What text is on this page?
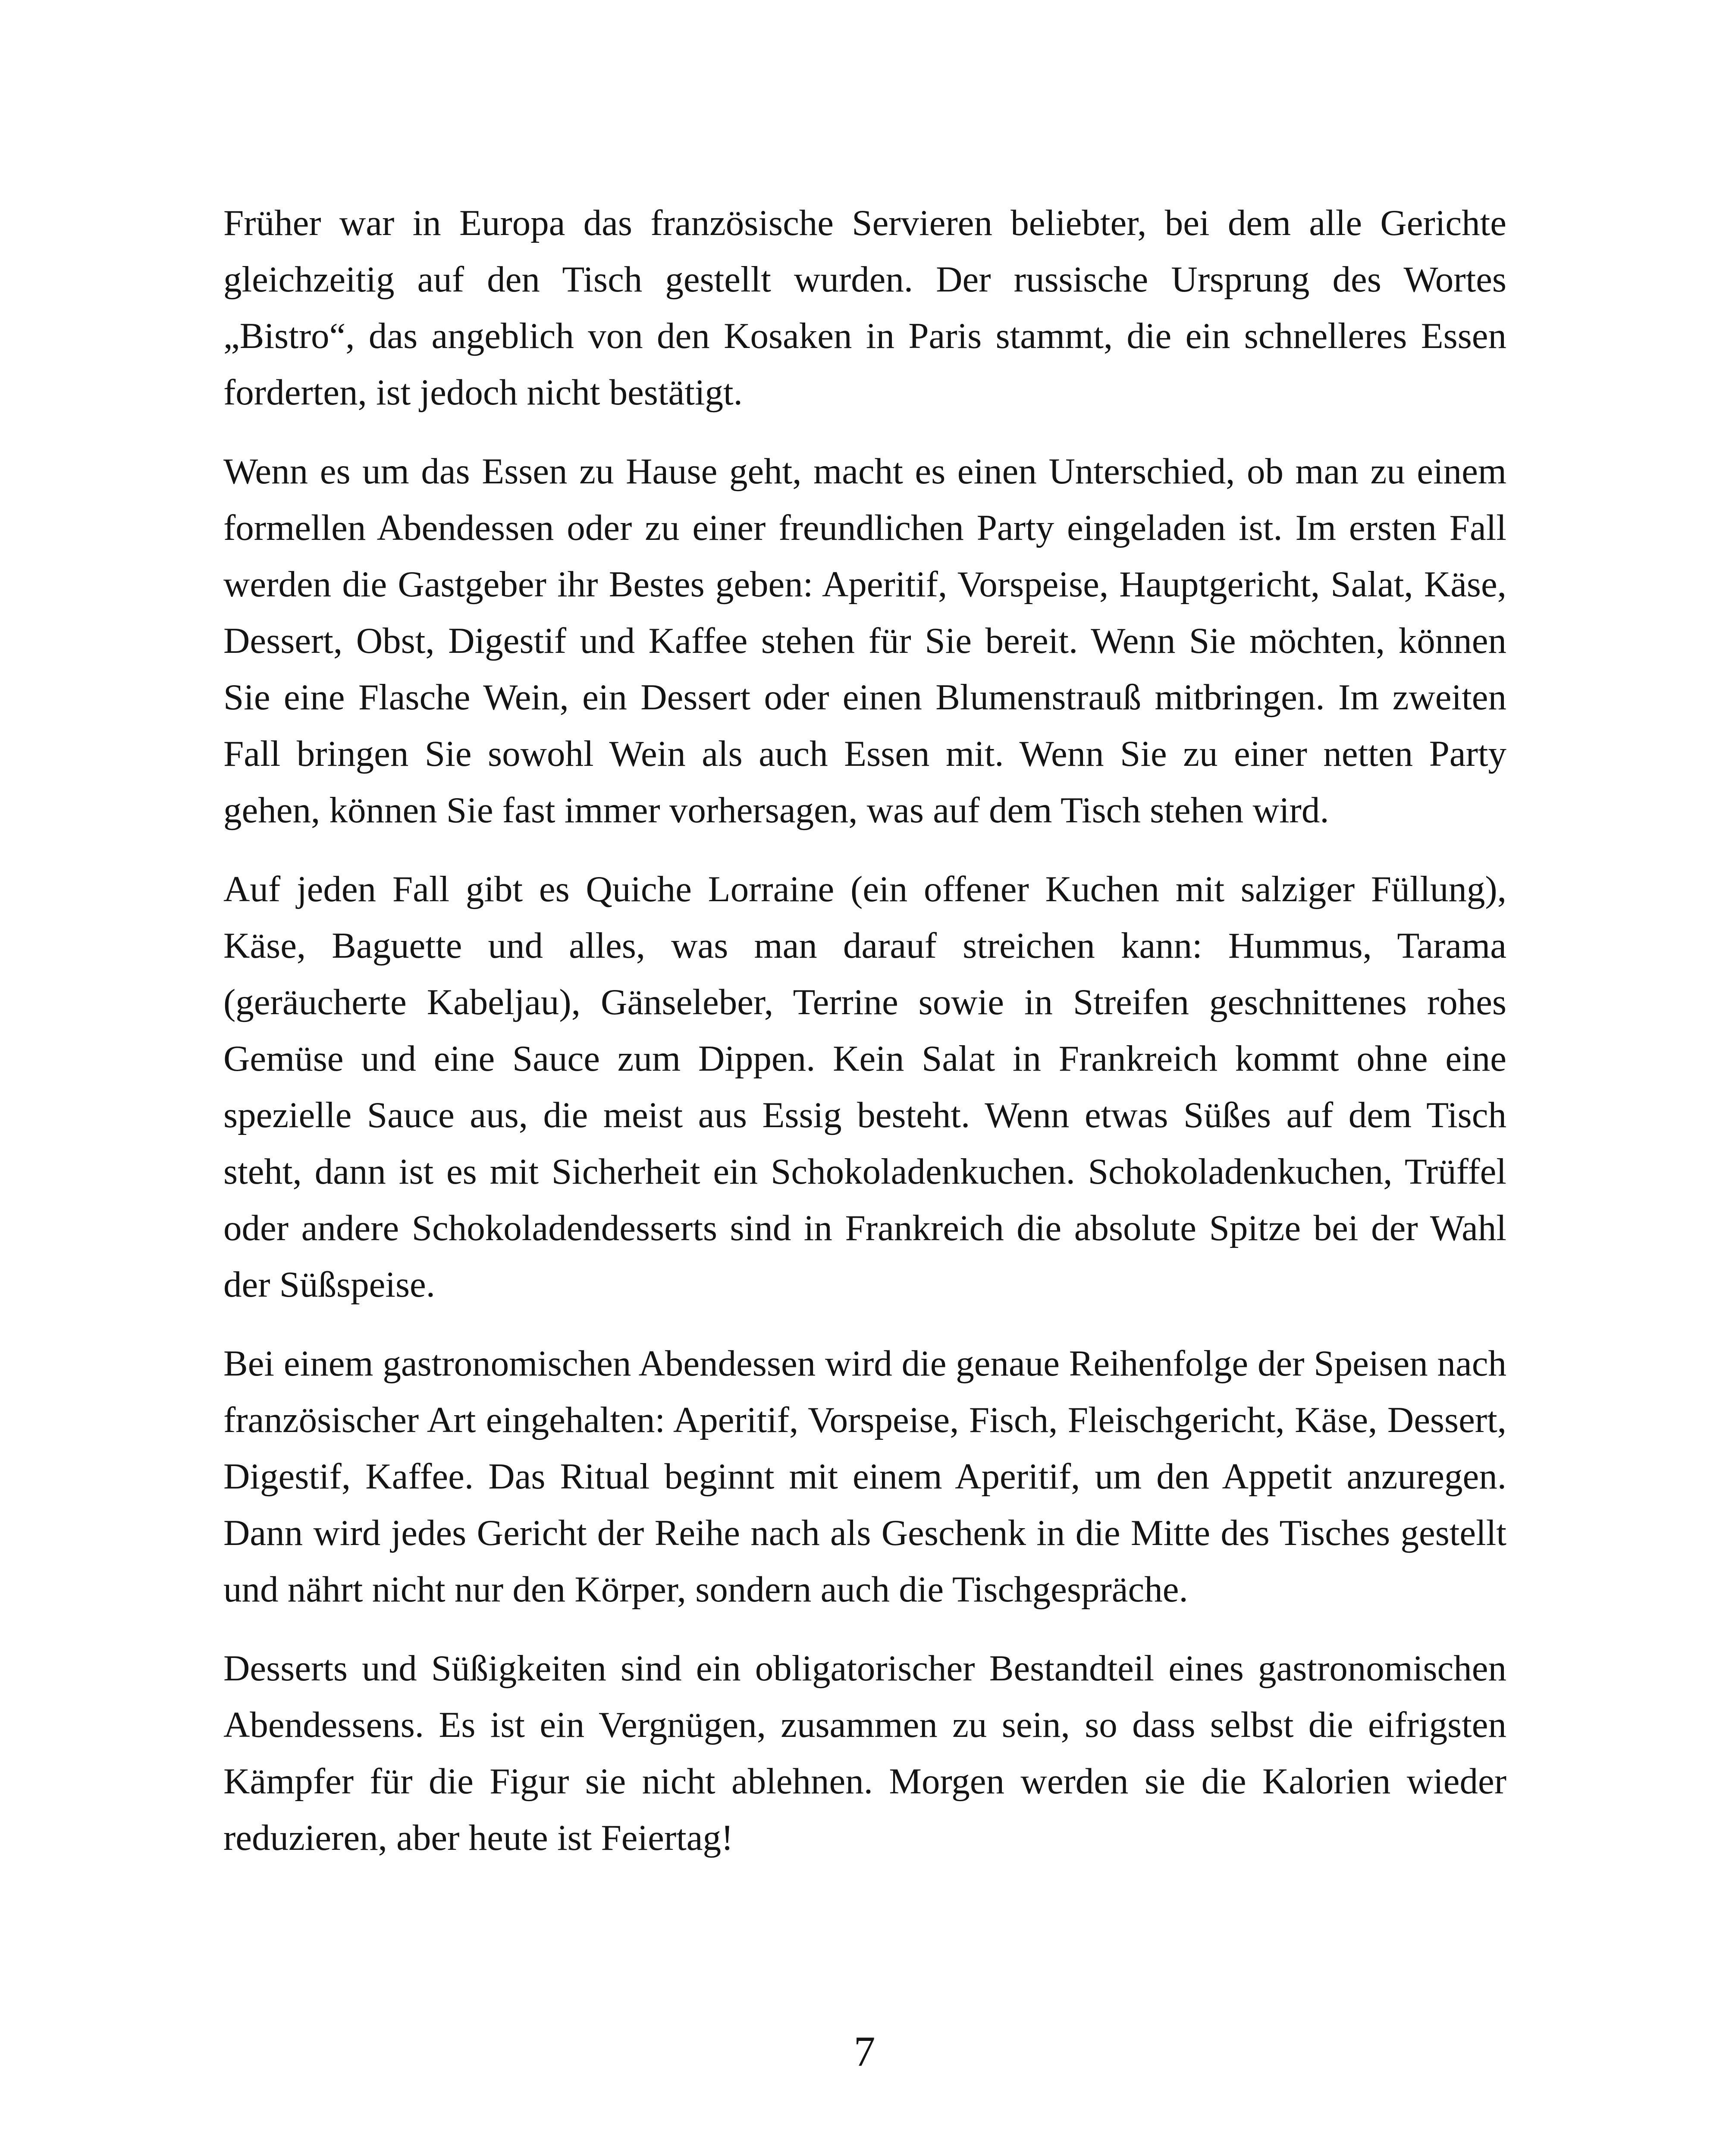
Früher war in Europa das französische Servieren beliebter, bei dem alle Gerichte gleichzeitig auf den Tisch gestellt wurden. Der russische Ursprung des Wortes „Bistro“, das angeblich von den Kosaken in Paris stammt, die ein schnelleres Essen forderten, ist jedoch nicht bestätigt.

Wenn es um das Essen zu Hause geht, macht es einen Unterschied, ob man zu einem formellen Abendessen oder zu einer freundlichen Party eingeladen ist. Im ersten Fall werden die Gastgeber ihr Bestes geben: Aperitif, Vorspeise, Hauptgericht, Salat, Käse, Dessert, Obst, Digestif und Kaffee stehen für Sie bereit. Wenn Sie möchten, können Sie eine Flasche Wein, ein Dessert oder einen Blumenstrauß mitbringen. Im zweiten Fall bringen Sie sowohl Wein als auch Essen mit. Wenn Sie zu einer netten Party gehen, können Sie fast immer vorhersagen, was auf dem Tisch stehen wird.

Auf jeden Fall gibt es Quiche Lorraine (ein offener Kuchen mit salziger Füllung), Käse, Baguette und alles, was man darauf streichen kann: Hummus, Tarama (geräucherte Kabeljau), Gänseleber, Terrine sowie in Streifen geschnittenes rohes Gemüse und eine Sauce zum Dippen. Kein Salat in Frankreich kommt ohne eine spezielle Sauce aus, die meist aus Essig besteht. Wenn etwas Süßes auf dem Tisch steht, dann ist es mit Sicherheit ein Schokoladenkuchen. Schokoladenkuchen, Trüffel oder andere Schokoladendesserts sind in Frankreich die absolute Spitze bei der Wahl der Süßspeise.

Bei einem gastronomischen Abendessen wird die genaue Reihenfolge der Speisen nach französischer Art eingehalten: Aperitif, Vorspeise, Fisch, Fleischgericht, Käse, Dessert, Digestif, Kaffee. Das Ritual beginnt mit einem Aperitif, um den Appetit anzuregen. Dann wird jedes Gericht der Reihe nach als Geschenk in die Mitte des Tisches gestellt und nährt nicht nur den Körper, sondern auch die Tischgespräche.

Desserts und Süßigkeiten sind ein obligatorischer Bestandteil eines gastronomischen Abendessens. Es ist ein Vergnügen, zusammen zu sein, so dass selbst die eifrigsten Kämpfer für die Figur sie nicht ablehnen. Morgen werden sie die Kalorien wieder reduzieren, aber heute ist Feiertag!

7
